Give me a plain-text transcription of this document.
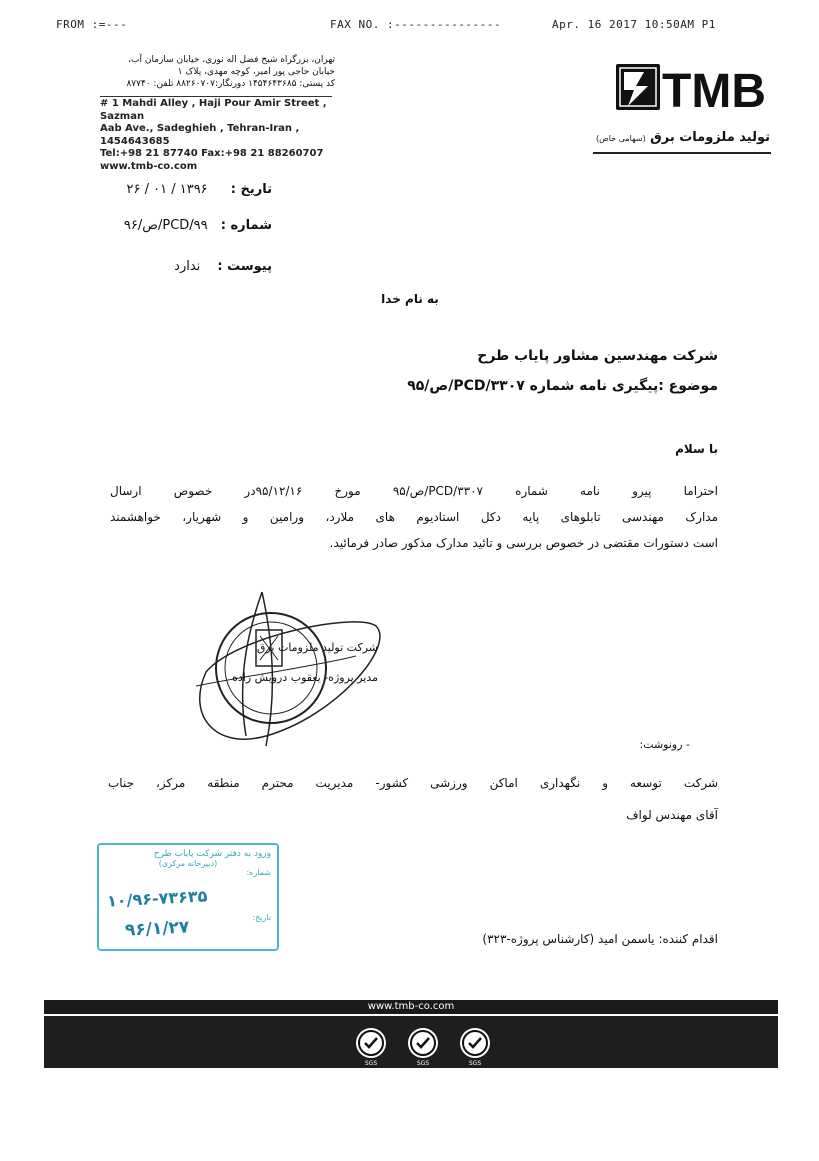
FROM :=---	FAX NO. :---------------	Apr. 16 2017 10:50AM P1
تهران، بزرگراه شیخ فضل اله نوری، خیابان سازمان آب،
خیابان حاجی پور امیر، کوچه مهدی، پلاک ۱
کد پستی: ۱۴۵۴۶۴۳۶۸۵ دورنگار:۸۸۲۶۰۷۰۷ تلفن: ۸۷۷۴۰
# 1 Mahdi Alley , Haji Pour Amir Street , Sazman
Aab Ave., Sadeghieh , Tehran-Iran , 1454643685
Tel:+98 21 87740 Fax:+98 21 88260707
www.tmb-co.com
TMB
تولید ملزومات برق (سهامی خاص)
تاریخ : ۱۳۹۶ / ۰۱ / ۲۶
شماره : PCD/۹۹/ص/۹۶
پیوست : ندارد
به نام خدا
شرکت مهندسین مشاور پایاب طرح
موضوع :پیگیری نامه شماره PCD/۳۳۰۷/ص/۹۵
با سلام
احتراما پیرو نامه شماره PCD/۳۳۰۷/ص/۹۵ مورخ ۹۵/۱۲/۱۶در خصوص ارسال
مدارک مهندسی تابلوهای پایه دکل استادیوم های ملارد، ورامین و شهریار، خواهشمند
است دستورات مقتضی در خصوص بررسی و تائید مدارک مذکور صادر فرمائید.
شرکت تولید ملزومات برق
مدیر پروژه- یعقوب درویش زاده
- رونوشت:
شرکت توسعه و نگهداری اماکن ورزشی کشور- مدیریت محترم منطقه مرکز، جناب
آقای مهندس لواف
ورود به دفتر شرکت پایاب طرح
(دبیرخانه مرکزی)
شماره:
۱۰/۹۶-۷۳۶۳۵
تاریخ:
۹۶/۱/۲۷	اقدام کننده: یاسمن امید (کارشناس پروژه-۳۲۳)
www.tmb-co.com
SGS	SGS	SGS
